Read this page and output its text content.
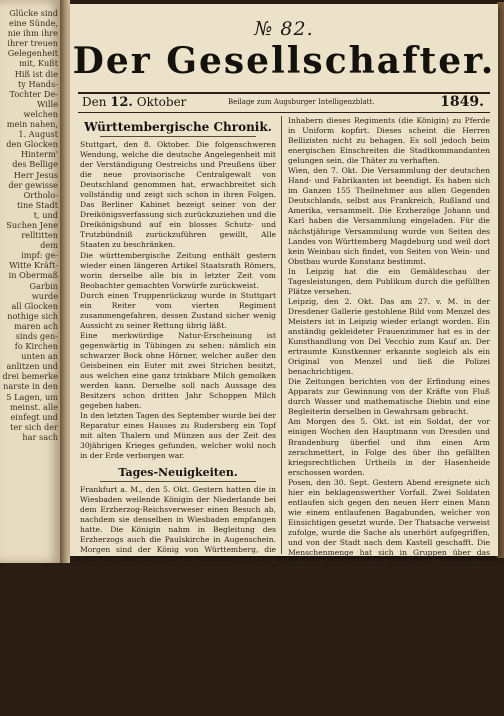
Glücke sind
eine Sünde,
nie ihm ihre
ihrer treuen
Gelegenheit
mit, Kußt
Hiß ist die
ty Hands-
Tochter De-
Wille welchen
mein nahen,
1. August
den Glocken
Hinterm'
des Bellige
Herr Jesus
der gewisse
Ortholo-
tine Stadt
t, und
Suchen Jene
relltitten dem
impf: ge-
Witte Kräft-
in Obermaß
Garbin
wurde
all Glocken
nothige sich
maren ach
sinds gen-
fo Kirchen
unten an
anlitzen und
drei bemerke
narste in den
5 Lagen, um
meinst. alle
einfegt und
ter sich der
har sach
№ 82.
Der Gesellschafter.
Den 12. Oktober	Beilage zum Augsburger Intelligenzblatt.	1849.
Württembergische Chronik.

Stuttgart, den 8. Oktober. Die folgenschweren Wendung, welche die deutsche Angelegenheit mit der Verständigung Oestreichs und Preußens über die neue provisorische Centralgewalt von Deutschland genommen hat, erwachbreitet sich vollständig und zeigt sich schon in ihren Folgen. Das Berliner Kabinet bezeigt seiner von der Dreikönigsverfassung sich zurückzuziehen und die Dreikönigsbund auf ein blosses Schutz- und Trutzbündniß zurückzuführen gewillt, Alle Staaten zu beschränken.

Die württembergische Zeitung enthält gestern wieder einen längeren Artikel Staatsrath Römers, worin derselbe alle bis in letzter Zeit vom Beobachter gemachten Vorwürfe zurückweist.

Durch einen Truppenrückzug wurde in Stuttgart ein Reiter vom vierten Regiment zusammengefahren, dessen Zustand sicher wenig Aussicht zu seiner Rettung übrig läßt.

Eine merkwürdige Natur-Erscheinung ist gegenwärtig in Tübingen zu sehen: nämlich ein schwarzer Bock ohne Hörner, welcher außer den Geisbeinen ein Euter mit zwei Strichen besitzt, aus welchen eine ganz trinkbare Milch gemolken werden kann. Derselbe soll nach Aussage des Besitzers schon dritten Jahr Schoppen Milch gegeben haben.

In den letzten Tagen des September wurde bei der Reparatur eines Hauses zu Rudersberg ein Topf mit alten Thalern und Münzen aus der Zeit des 30jährigen Krieges gefunden, welcher wohl noch in der Erde verborgen war.

Tages-Neuigkeiten.

Frankfurt a. M., den 5. Okt. Gestern hatten die in Wiesbaden weilende Königin der Niederlande bei dem Erzherzog-Reichsverweser einen Besuch ab, nachdem sie denselben in Wiesbaden empfangen hatte. Die Königin nahm in Begleitung des Erzherzogs auch die Paulskirche in Augenschein. Morgen sind der König von Württemberg, die Königin der Niederlande und der Graf von Meran zu Besuch bei Hofe des Erzherzogs.

In Frankfurt wurde der zweite Versuch einer durch eine Tanzversammlung neu verabredete Versammlung abgehalten.

Im Großherzogthum Sachsen-Weimar sind Regierung und Stände einstimmig über die Grundzüge einer Verfassung, welche die Rechte der Landesvertretung erweitert, geeinigt worden.

In Hamburg besteht unter einer gewissen Partei der Plan, Hamburg einen großen Freihafen zu machen.

In Münchner sammelten Soldaten vom Regiment der baierischen Wache zu Lauingen am 5. Okt. vor der Wohnung des herausgebenden Beobachters eine Anzahl Leute, welche zu seinem Statt hatte.

Inhabern dieses Regiments (die Königin) zu Pferde in Uniform kopfirt. Dieses scheint die Herren Bellizisten nicht zu behagen. Es soll jedoch beim energischen Einschreiten die Stadtkommandanten gelungen sein, die Thäter zu verhaften.

Wien, den 7. Okt. Die Versammlung der deutschen Hand- und Fabrikanten ist beendigt. Es haben sich im Ganzen 155 Theilnehmer aus allen Gegenden Deutschlands, selbst aus Frankreich, Rußland und Amerika, versammelt. Die Erzherzöge Johann und Karl haben die Versammlung eingeladen. Für die nächstjährige Versammlung wurde von Seiten des Landes von Württemberg Magdeburg und weil dort kein Weinbau sich findet, von Seiten von Wein- und Obstbau wurde Konstanz bestimmt.

In Leipzig hat die ein Gemäldeschau der Tagesleistungen, dem Publikum durch die gefüllten Plätze versehen.

Leipzig, den 2. Okt. Das am 27. v. M. in der Dresdener Gallerie gestohlene Bild vom Menzel des Meisters ist in Leipzig wieder erlangt worden. Ein anständig gekleideter Frauenzimmer hat es in der Kunsthandlung von Del Vecchio zum Kauf an. Der ertraumte Kunstkenner erkannte sogleich als ein Original von Menzel und ließ die Polizei benachrichtigen.

Die Zeitungen berichten von der Erfindung eines Apparats zur Gewinnung von der Kräfte von Fluß durch Wasser und mathematische Diebin und eine Begleiterin derselben in Gewahrsam gebracht.

Am Morgen des 5. Okt. ist ein Soldat, der vor einigen Wochen den Hauptmann von Dresden und Brandenburg überfiel und ihm einen Arm zerschmettert, in Folge des über ihn gefällten kriegsrechtlichen Urtheils in der Hasenheide erschossen worden.

Posen, den 30. Sept. Gestern Abend ereignete sich hier ein beklagenswerther Vorfall. Zwei Soldaten entlaufen sich gegen den neuen Herr einen Mann wie einem entlaufenen Bagabunden, welcher von Einsichtigen gesetzt wurde. Der Thatsache verweist zufolge, wurde die Sache als unerhört aufgegriffen, und von der Stadt nach dem Kastell geschafft. Die Menschenmenge hat sich in Gruppen über das Auftreten des Einzelnen bald zu Ruhestörungen benommen. Die einen, gegen die Polizei, andere sich nicht in den Streit.

So wurde Ermüdung nicht vorgestellt an die Frage: Ja ich Daher, ist das die Gerechtigkeit im ganzen Kreise, und wir wurden und wurden und erreichen sollen.
